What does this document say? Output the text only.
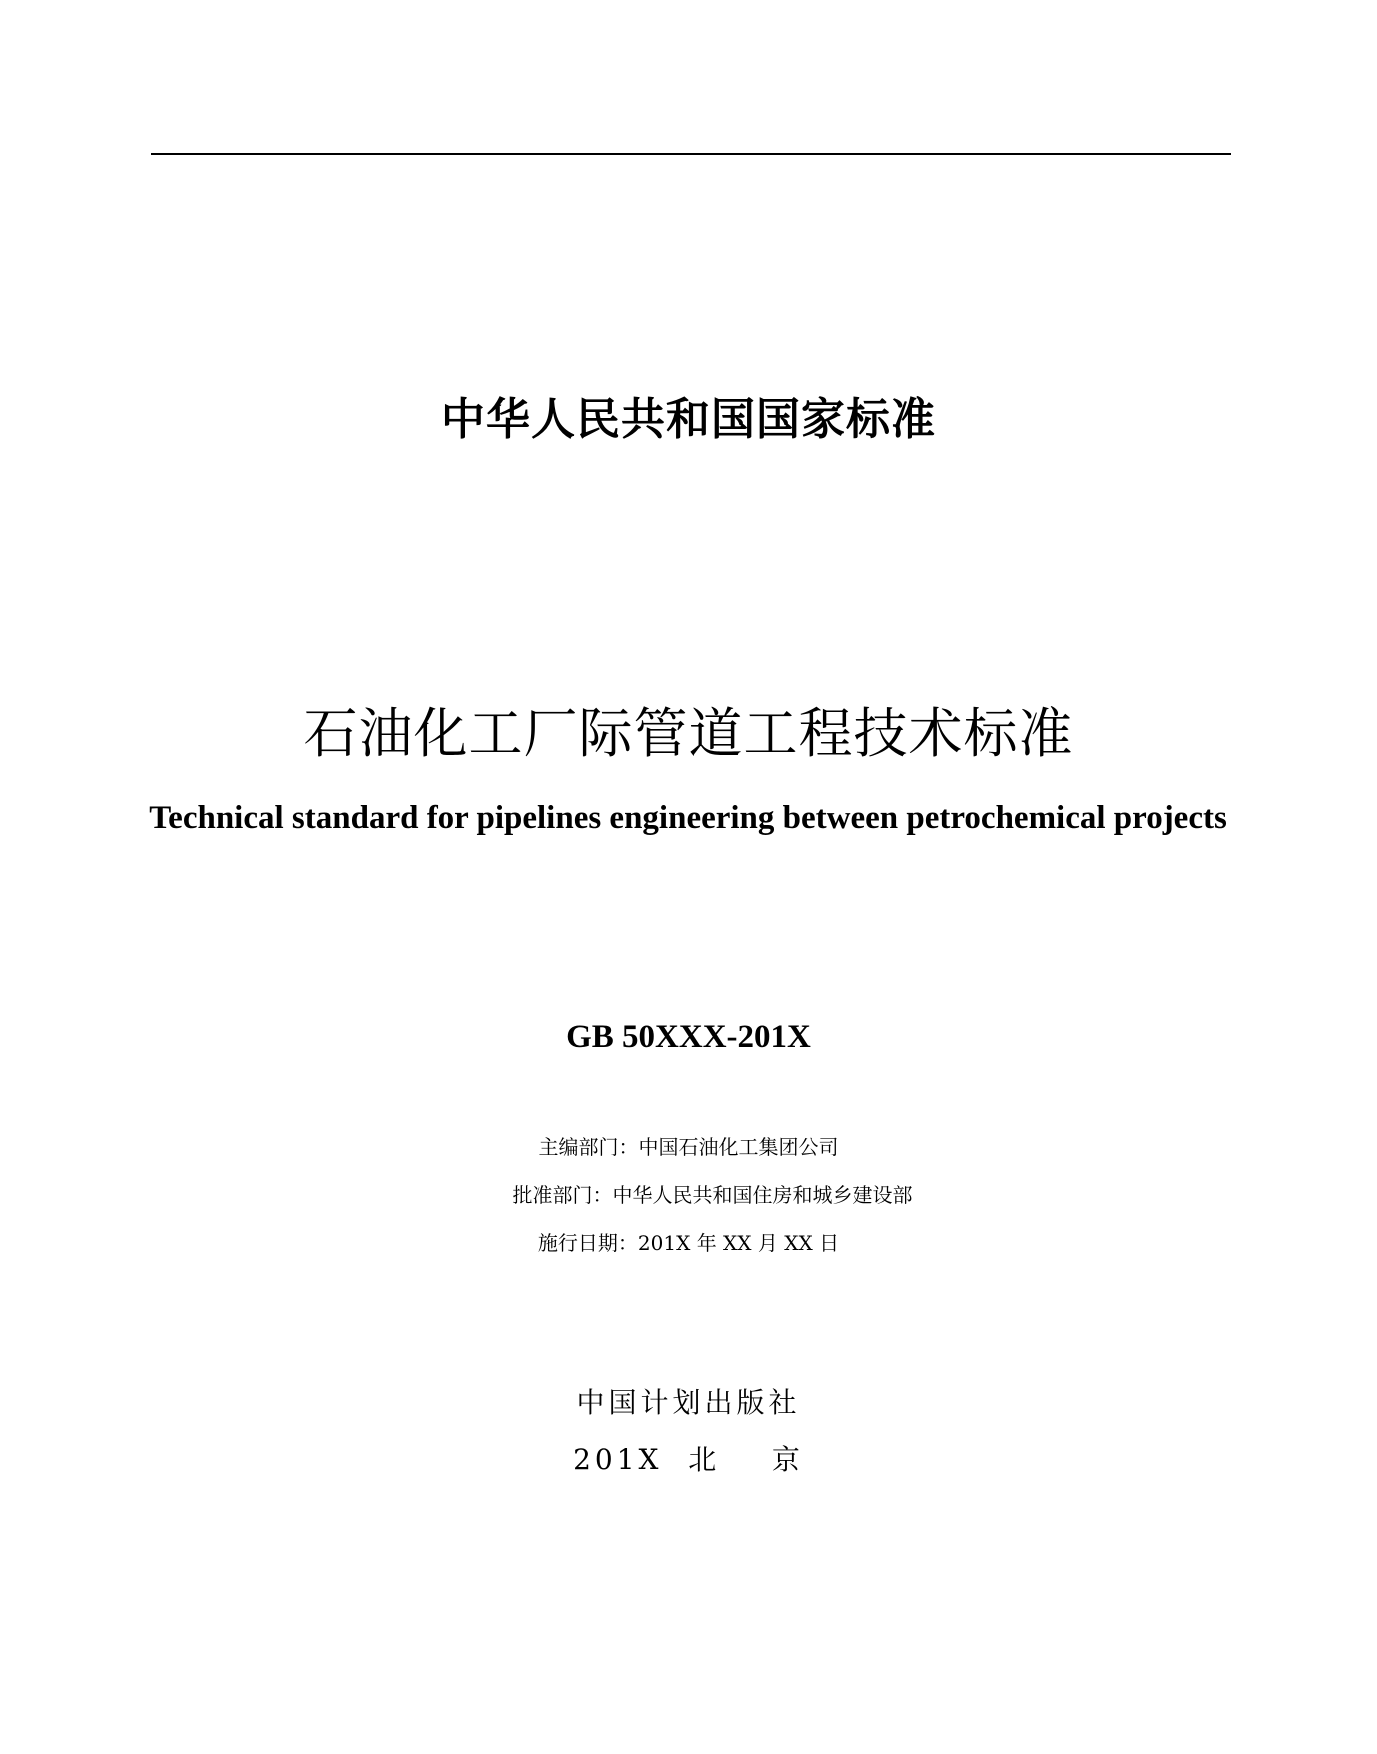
中华人民共和国国家标准
石油化工厂际管道工程技术标准
Technical standard for pipelines engineering between petrochemical projects
GB 50XXX-201X
主编部门：中国石油化工集团公司
批准部门：中华人民共和国住房和城乡建设部
施行日期：201X 年 XX 月 XX 日
中国计划出版社
201X  北    京
